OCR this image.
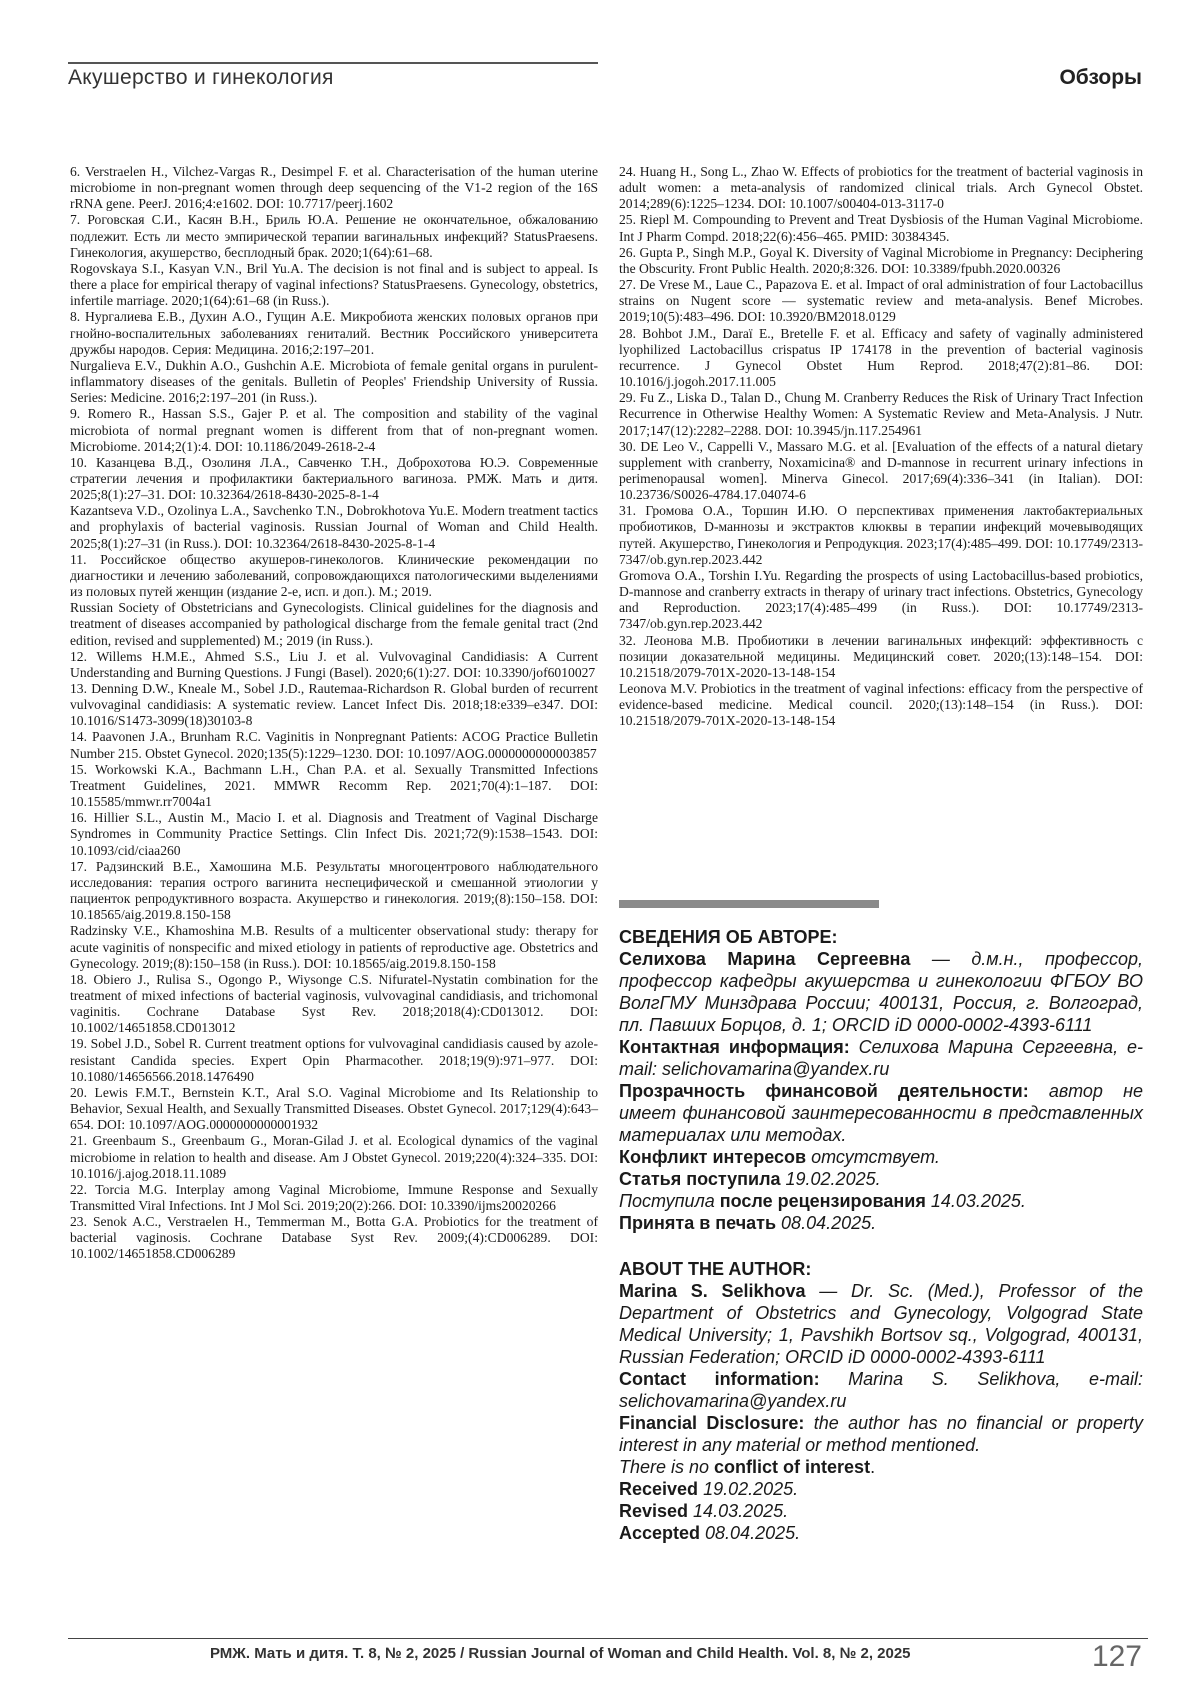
Акушерство и гинекология	Обзоры

6. Verstraelen H., Vilchez-Vargas R., Desimpel F. et al. Characterisation of the human uterine microbiome in non-pregnant women through deep sequencing of the V1-2 region of the 16S rRNA gene. PeerJ. 2016;4:e1602. DOI: 10.7717/peerj.1602

7. Роговская С.И., Касян В.Н., Бриль Ю.А. Решение не окончательное, обжалованию подлежит. Есть ли место эмпирической терапии вагинальных инфекций? StatusPraesens. Гинекология, акушерство, бесплодный брак. 2020;1(64):61–68.

Rogovskaya S.I., Kasyan V.N., Bril Yu.A. The decision is not final and is subject to appeal. Is there a place for empirical therapy of vaginal infections? StatusPraesens. Gynecology, obstetrics, infertile marriage. 2020;1(64):61–68 (in Russ.).

8. Нургалиева Е.В., Духин А.О., Гущин А.Е. Микробиота женских половых органов при гнойно-воспалительных заболеваниях гениталий. Вестник Российского университета дружбы народов. Серия: Медицина. 2016;2:197–201.

Nurgalieva E.V., Dukhin A.O., Gushchin A.E. Microbiota of female genital organs in purulent-inflammatory diseases of the genitals. Bulletin of Peoples' Friendship University of Russia. Series: Medicine. 2016;2:197–201 (in Russ.).

9. Romero R., Hassan S.S., Gajer P. et al. The composition and stability of the vaginal microbiota of normal pregnant women is different from that of non-pregnant women. Microbiome. 2014;2(1):4. DOI: 10.1186/2049-2618-2-4

10. Казанцева В.Д., Озолиня Л.А., Савченко Т.Н., Доброхотова Ю.Э. Современные стратегии лечения и профилактики бактериального вагиноза. РМЖ. Мать и дитя. 2025;8(1):27–31. DOI: 10.32364/2618-8430-2025-8-1-4

Kazantseva V.D., Ozolinya L.A., Savchenko T.N., Dobrokhotova Yu.E. Modern treatment tactics and prophylaxis of bacterial vaginosis. Russian Journal of Woman and Child Health. 2025;8(1):27–31 (in Russ.). DOI: 10.32364/2618-8430-2025-8-1-4

11. Российское общество акушеров-гинекологов. Клинические рекомендации по диагностики и лечению заболеваний, сопровождающихся патологическими выделениями из половых путей женщин (издание 2-е, исп. и доп.). М.; 2019.

Russian Society of Obstetricians and Gynecologists. Clinical guidelines for the diagnosis and treatment of diseases accompanied by pathological discharge from the female genital tract (2nd edition, revised and supplemented) M.; 2019 (in Russ.).

12. Willems H.M.E., Ahmed S.S., Liu J. et al. Vulvovaginal Candidiasis: A Current Understanding and Burning Questions. J Fungi (Basel). 2020;6(1):27. DOI: 10.3390/jof6010027

13. Denning D.W., Kneale M., Sobel J.D., Rautemaa-Richardson R. Global burden of recurrent vulvovaginal candidiasis: A systematic review. Lancet Infect Dis. 2018;18:e339–e347. DOI: 10.1016/S1473-3099(18)30103-8

14. Paavonen J.A., Brunham R.C. Vaginitis in Nonpregnant Patients: ACOG Practice Bulletin Number 215. Obstet Gynecol. 2020;135(5):1229–1230. DOI: 10.1097/AOG.0000000000003857

15. Workowski K.A., Bachmann L.H., Chan P.A. et al. Sexually Transmitted Infections Treatment Guidelines, 2021. MMWR Recomm Rep. 2021;70(4):1–187. DOI: 10.15585/mmwr.rr7004a1

16. Hillier S.L., Austin M., Macio I. et al. Diagnosis and Treatment of Vaginal Discharge Syndromes in Community Practice Settings. Clin Infect Dis. 2021;72(9):1538–1543. DOI: 10.1093/cid/ciaa260

17. Радзинский В.Е., Хамошина М.Б. Результаты многоцентрового наблюдательного исследования: терапия острого вагинита неспецифической и смешанной этиологии у пациенток репродуктивного возраста. Акушерство и гинекология. 2019;(8):150–158. DOI: 10.18565/aig.2019.8.150-158

Radzinsky V.E., Khamoshina M.B. Results of a multicenter observational study: therapy for acute vaginitis of nonspecific and mixed etiology in patients of reproductive age. Obstetrics and Gynecology. 2019;(8):150–158 (in Russ.). DOI: 10.18565/aig.2019.8.150-158

18. Obiero J., Rulisa S., Ogongo P., Wiysonge C.S. Nifuratel-Nystatin combination for the treatment of mixed infections of bacterial vaginosis, vulvovaginal candidiasis, and trichomonal vaginitis. Cochrane Database Syst Rev. 2018;2018(4):CD013012. DOI: 10.1002/14651858.CD013012

19. Sobel J.D., Sobel R. Current treatment options for vulvovaginal candidiasis caused by azole-resistant Candida species. Expert Opin Pharmacother. 2018;19(9):971–977. DOI: 10.1080/14656566.2018.1476490

20. Lewis F.M.T., Bernstein K.T., Aral S.O. Vaginal Microbiome and Its Relationship to Behavior, Sexual Health, and Sexually Transmitted Diseases. Obstet Gynecol. 2017;129(4):643–654. DOI: 10.1097/AOG.0000000000001932

21. Greenbaum S., Greenbaum G., Moran-Gilad J. et al. Ecological dynamics of the vaginal microbiome in relation to health and disease. Am J Obstet Gynecol. 2019;220(4):324–335. DOI: 10.1016/j.ajog.2018.11.1089

22. Torcia M.G. Interplay among Vaginal Microbiome, Immune Response and Sexually Transmitted Viral Infections. Int J Mol Sci. 2019;20(2):266. DOI: 10.3390/ijms20020266

23. Senok A.C., Verstraelen H., Temmerman M., Botta G.A. Probiotics for the treatment of bacterial vaginosis. Cochrane Database Syst Rev. 2009;(4):CD006289. DOI: 10.1002/14651858.CD006289

24. Huang H., Song L., Zhao W. Effects of probiotics for the treatment of bacterial vaginosis in adult women: a meta-analysis of randomized clinical trials. Arch Gynecol Obstet. 2014;289(6):1225–1234. DOI: 10.1007/s00404-013-3117-0

25. Riepl M. Compounding to Prevent and Treat Dysbiosis of the Human Vaginal Microbiome. Int J Pharm Compd. 2018;22(6):456–465. PMID: 30384345.

26. Gupta P., Singh M.P., Goyal K. Diversity of Vaginal Microbiome in Pregnancy: Deciphering the Obscurity. Front Public Health. 2020;8:326. DOI: 10.3389/fpubh.2020.00326

27. De Vrese M., Laue C., Papazova E. et al. Impact of oral administration of four Lactobacillus strains on Nugent score — systematic review and meta-analysis. Benef Microbes. 2019;10(5):483–496. DOI: 10.3920/BM2018.0129

28. Bohbot J.M., Daraï E., Bretelle F. et al. Efficacy and safety of vaginally administered lyophilized Lactobacillus crispatus IP 174178 in the prevention of bacterial vaginosis recurrence. J Gynecol Obstet Hum Reprod. 2018;47(2):81–86. DOI: 10.1016/j.jogoh.2017.11.005

29. Fu Z., Liska D., Talan D., Chung M. Cranberry Reduces the Risk of Urinary Tract Infection Recurrence in Otherwise Healthy Women: A Systematic Review and Meta-Analysis. J Nutr. 2017;147(12):2282–2288. DOI: 10.3945/jn.117.254961

30. DE Leo V., Cappelli V., Massaro M.G. et al. [Evaluation of the effects of a natural dietary supplement with cranberry, Noxamicina® and D-mannose in recurrent urinary infections in perimenopausal women]. Minerva Ginecol. 2017;69(4):336–341 (in Italian). DOI: 10.23736/S0026-4784.17.04074-6

31. Громова О.А., Торшин И.Ю. О перспективах применения лактобактериальных пробиотиков, D-маннозы и экстрактов клюквы в терапии инфекций мочевыводящих путей. Акушерство, Гинекология и Репродукция. 2023;17(4):485–499. DOI: 10.17749/2313-7347/ob.gyn.rep.2023.442

Gromova O.A., Torshin I.Yu. Regarding the prospects of using Lactobacillus-based probiotics, D-mannose and cranberry extracts in therapy of urinary tract infections. Obstetrics, Gynecology and Reproduction. 2023;17(4):485–499 (in Russ.). DOI: 10.17749/2313-7347/ob.gyn.rep.2023.442

32. Леонова М.В. Пробиотики в лечении вагинальных инфекций: эффективность с позиции доказательной медицины. Медицинский совет. 2020;(13):148–154. DOI: 10.21518/2079-701X-2020-13-148-154

Leonova M.V. Probiotics in the treatment of vaginal infections: efficacy from the perspective of evidence-based medicine. Medical council. 2020;(13):148–154 (in Russ.). DOI: 10.21518/2079-701X-2020-13-148-154

СВЕДЕНИЯ ОБ АВТОРЕ:

Селихова Марина Сергеевна — д.м.н., профессор, профессор кафедры акушерства и гинекологии ФГБОУ ВО ВолгГМУ Минздрава России; 400131, Россия, г. Волгоград, пл. Павших Борцов, д. 1; ORCID iD 0000-0002-4393-6111

Контактная информация: Селихова Марина Сергеевна, e-mail: selichovamarina@yandex.ru

Прозрачность финансовой деятельности: автор не имеет финансовой заинтересованности в представленных материалах или методах.

Конфликт интересов отсутствует.

Статья поступила 19.02.2025.

Поступила после рецензирования 14.03.2025.

Принята в печать 08.04.2025.

ABOUT THE AUTHOR:

Marina S. Selikhova — Dr. Sc. (Med.), Professor of the Department of Obstetrics and Gynecology, Volgograd State Medical University; 1, Pavshikh Bortsov sq., Volgograd, 400131, Russian Federation; ORCID iD 0000-0002-4393-6111

Contact information: Marina S. Selikhova, e-mail: selichovamarina@yandex.ru

Financial Disclosure: the author has no financial or property interest in any material or method mentioned.

There is no conflict of interest.

Received 19.02.2025.

Revised 14.03.2025.

Accepted 08.04.2025.

РМЖ. Мать и дитя. Т. 8, № 2, 2025 / Russian Journal of Woman and Child Health. Vol. 8, № 2, 2025	127
